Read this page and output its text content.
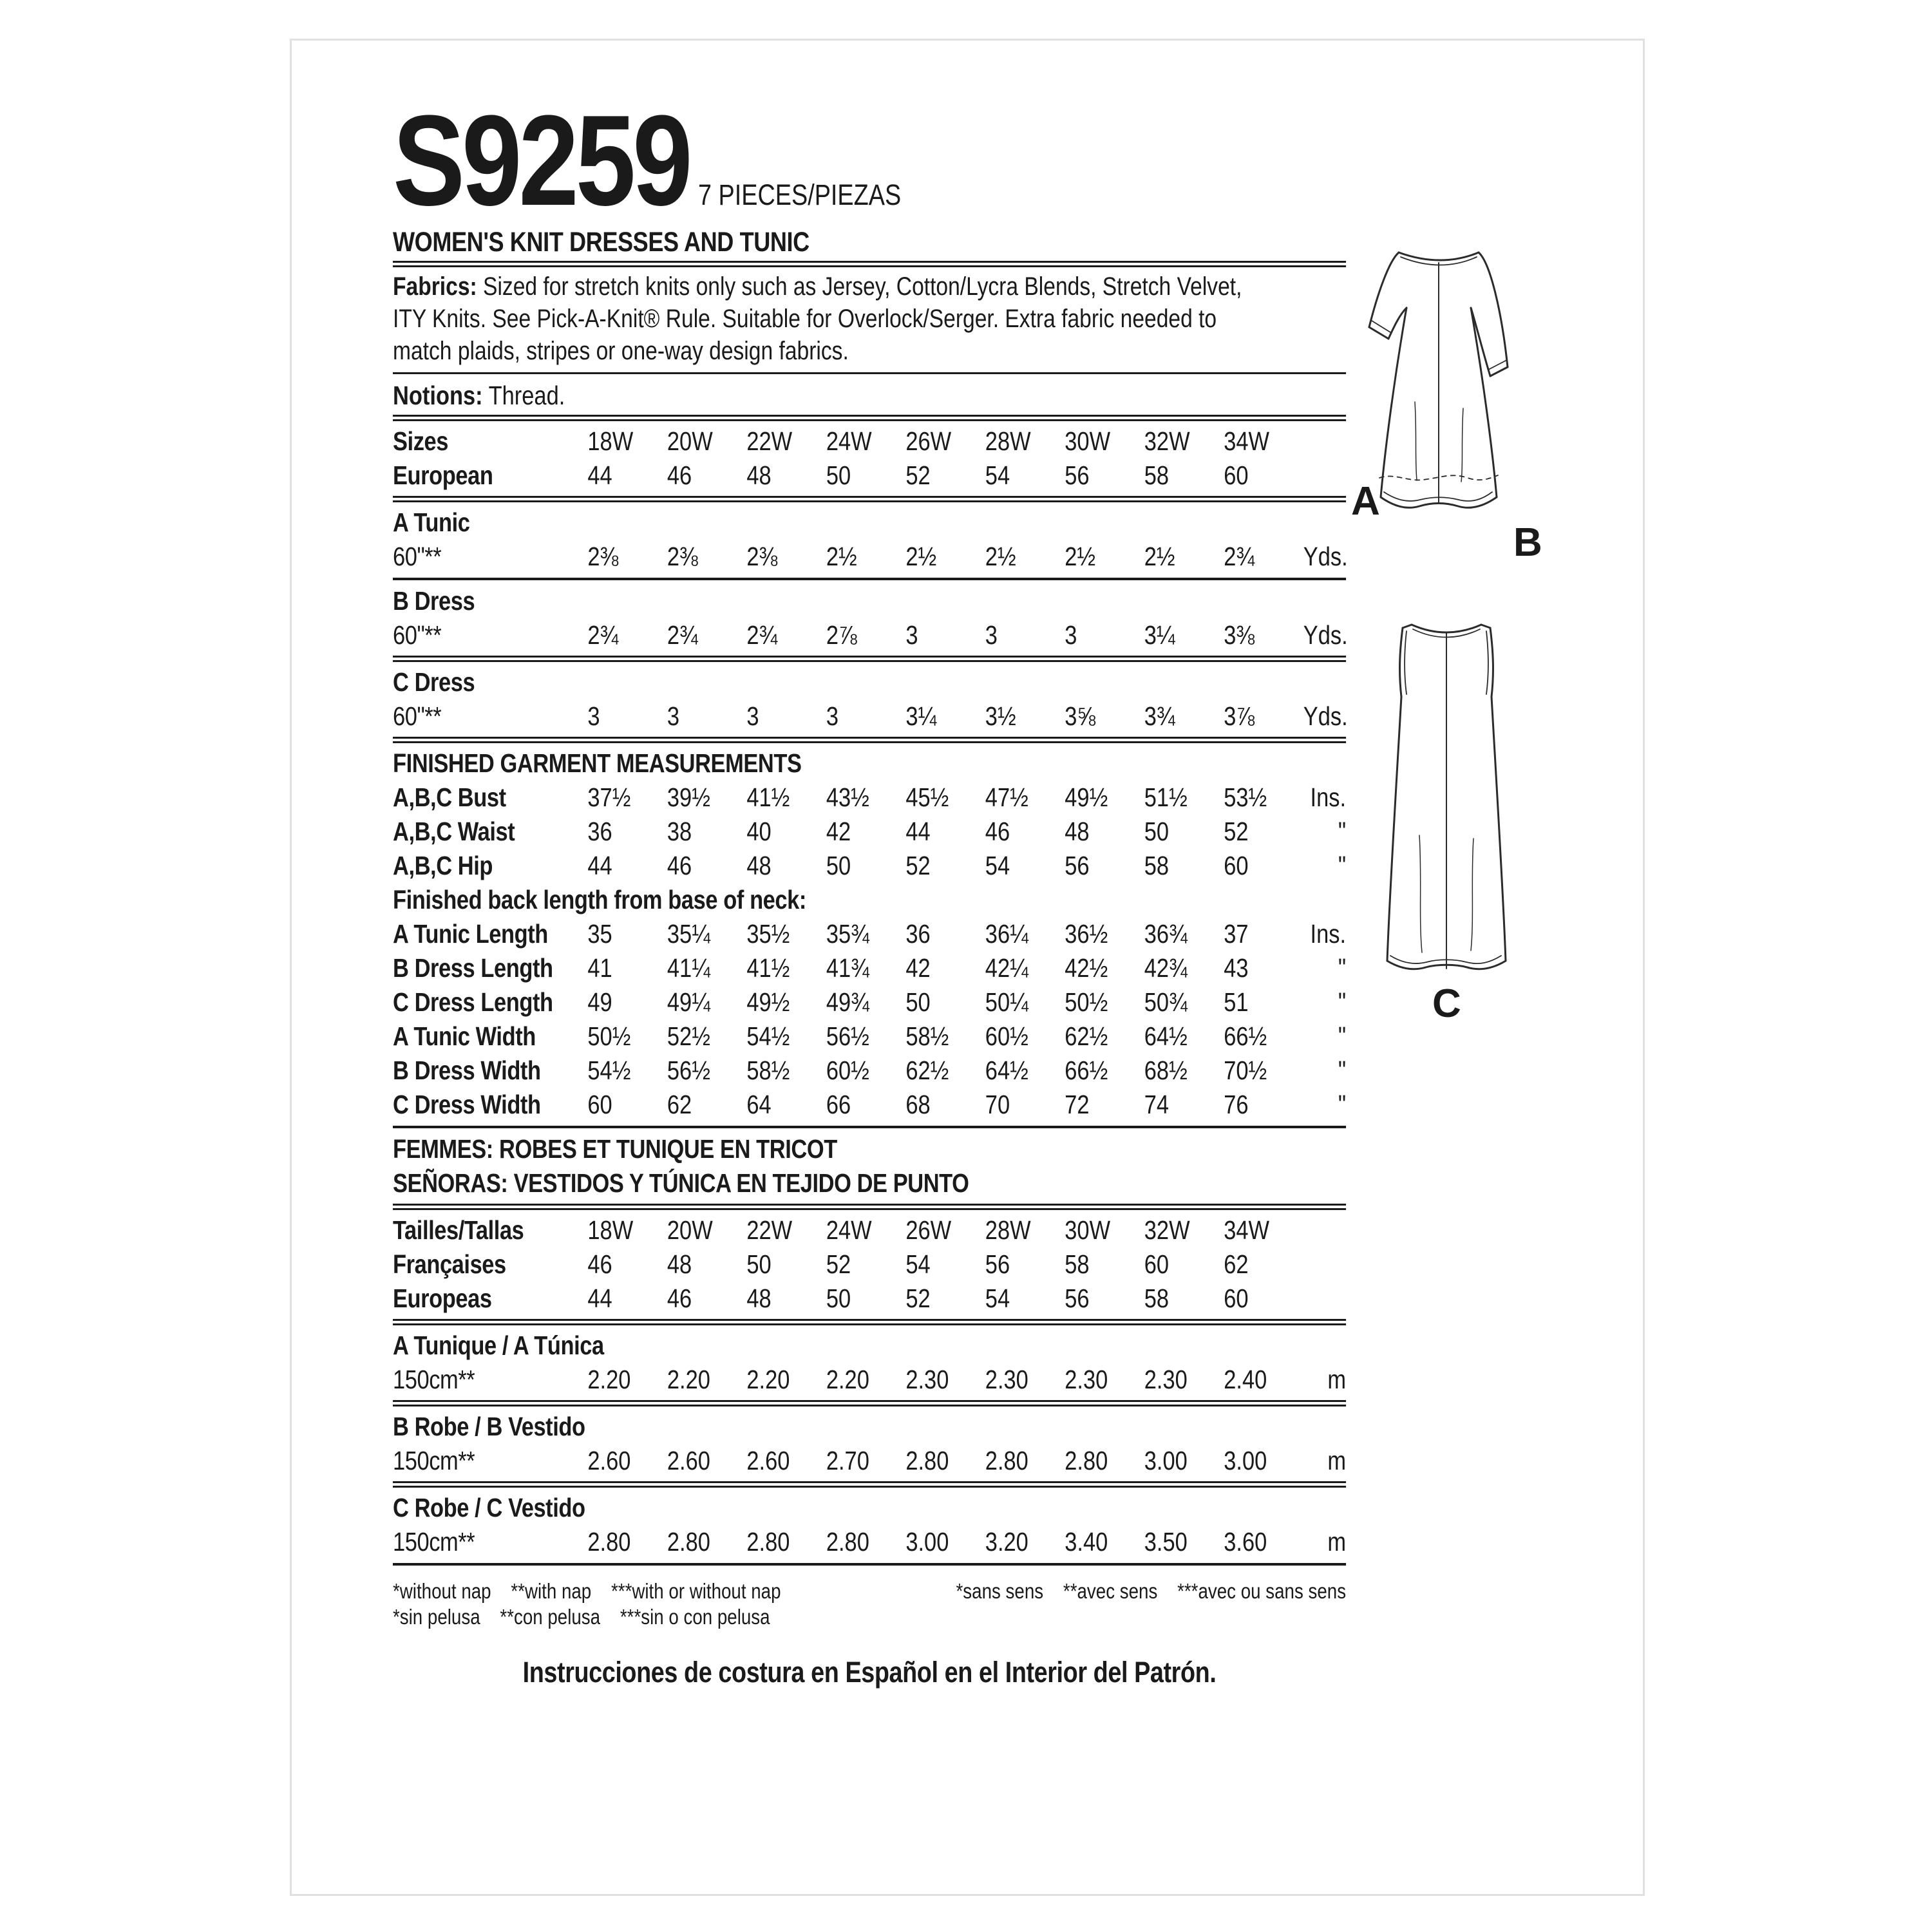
S9259 7 PIECES/PIEZAS
WOMEN'S KNIT DRESSES AND TUNIC
Fabrics: Sized for stretch knits only such as Jersey, Cotton/Lycra Blends, Stretch Velvet,
ITY Knits. See Pick-A-Knit® Rule. Suitable for Overlock/Serger. Extra fabric needed to
match plaids, stripes or one-way design fabrics.
Notions: Thread.
Sizes	18W	20W	22W	24W	26W	28W	30W	32W	34W
European	44	46	48	50	52	54	56	58	60
A Tunic
60"**	2⅜	2⅜	2⅜	2½	2½	2½	2½	2½	2¾	Yds.
B Dress
60"**	2¾	2¾	2¾	2⅞	3	3	3	3¼	3⅜	Yds.
C Dress
60"**	3	3	3	3	3¼	3½	3⅝	3¾	3⅞	Yds.
FINISHED GARMENT MEASUREMENTS
A,B,C Bust	37½	39½	41½	43½	45½	47½	49½	51½	53½	Ins.
A,B,C Waist	36	38	40	42	44	46	48	50	52	"
A,B,C Hip	44	46	48	50	52	54	56	58	60	"
Finished back length from base of neck:
A Tunic Length	35	35¼	35½	35¾	36	36¼	36½	36¾	37	Ins.
B Dress Length	41	41¼	41½	41¾	42	42¼	42½	42¾	43	"
C Dress Length	49	49¼	49½	49¾	50	50¼	50½	50¾	51	"
A Tunic Width	50½	52½	54½	56½	58½	60½	62½	64½	66½	"
B Dress Width	54½	56½	58½	60½	62½	64½	66½	68½	70½	"
C Dress Width	60	62	64	66	68	70	72	74	76	"
FEMMES: ROBES ET TUNIQUE EN TRICOT
SEÑORAS: VESTIDOS Y TÚNICA EN TEJIDO DE PUNTO
Tailles/Tallas	18W	20W	22W	24W	26W	28W	30W	32W	34W
Françaises	46	48	50	52	54	56	58	60	62
Europeas	44	46	48	50	52	54	56	58	60
A Tunique / A Túnica
150cm**	2.20	2.20	2.20	2.20	2.30	2.30	2.30	2.30	2.40	m
B Robe / B Vestido
150cm**	2.60	2.60	2.60	2.70	2.80	2.80	2.80	3.00	3.00	m
C Robe / C Vestido
150cm**	2.80	2.80	2.80	2.80	3.00	3.20	3.40	3.50	3.60	m
*without nap    **with nap    ***with or without nap	*sans sens    **avec sens    ***avec ou sans sens
*sin pelusa    **con pelusa    ***sin o con pelusa
Instrucciones de costura en Español en el Interior del Patrón.
A
B
C
